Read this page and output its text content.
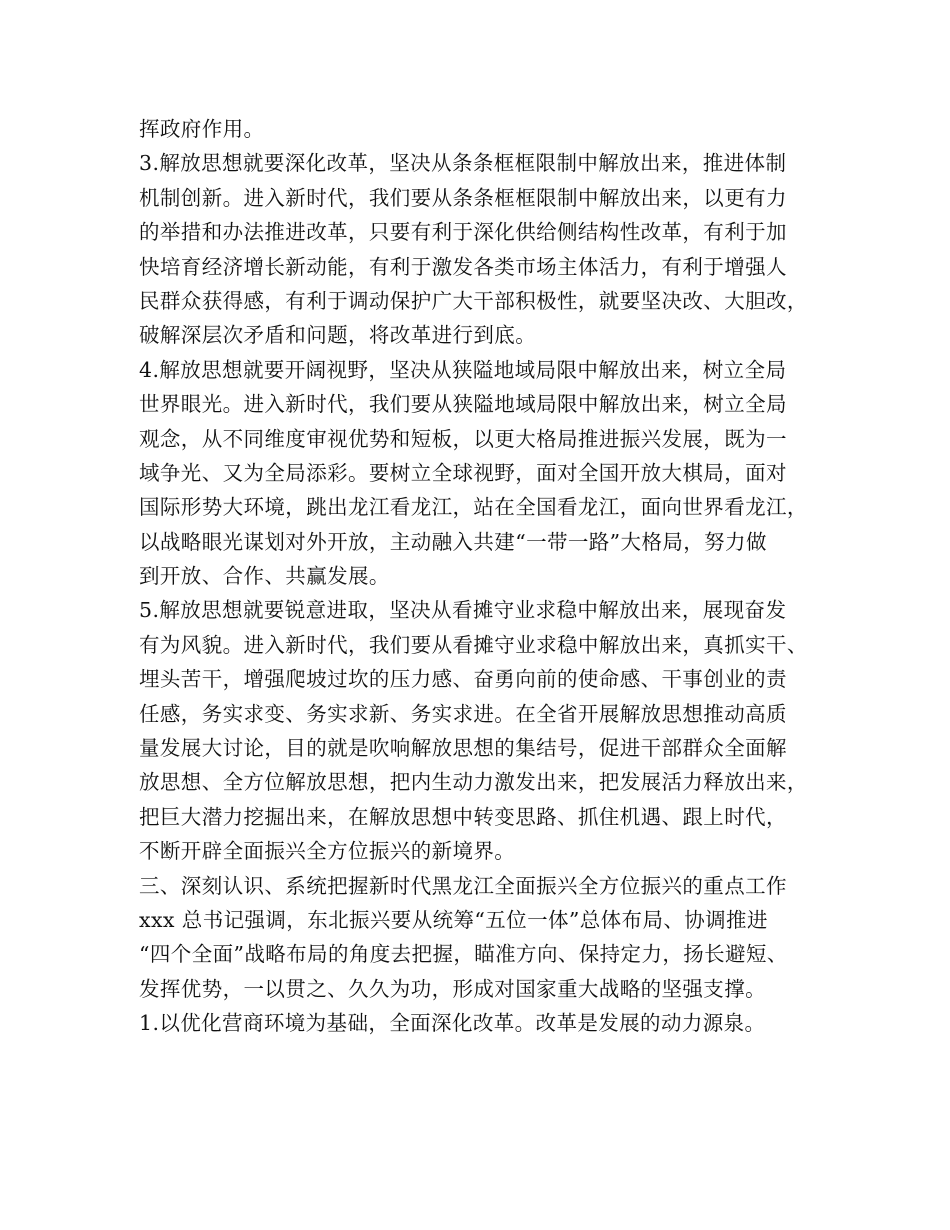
挥政府作用。
3.解放思想就要深化改革，坚决从条条框框限制中解放出来，推进体制
机制创新。进入新时代，我们要从条条框框限制中解放出来，以更有力
的举措和办法推进改革，只要有利于深化供给侧结构性改革，有利于加
快培育经济增长新动能，有利于激发各类市场主体活力，有利于增强人
民群众获得感，有利于调动保护广大干部积极性，就要坚决改、大胆改，
破解深层次矛盾和问题，将改革进行到底。
4.解放思想就要开阔视野，坚决从狭隘地域局限中解放出来，树立全局
世界眼光。进入新时代，我们要从狭隘地域局限中解放出来，树立全局
观念，从不同维度审视优势和短板，以更大格局推进振兴发展，既为一
域争光、又为全局添彩。要树立全球视野，面对全国开放大棋局，面对
国际形势大环境，跳出龙江看龙江，站在全国看龙江，面向世界看龙江，
以战略眼光谋划对外开放，主动融入共建“一带一路”大格局，努力做
到开放、合作、共赢发展。
5.解放思想就要锐意进取，坚决从看摊守业求稳中解放出来，展现奋发
有为风貌。进入新时代，我们要从看摊守业求稳中解放出来，真抓实干、
埋头苦干，增强爬坡过坎的压力感、奋勇向前的使命感、干事创业的责
任感，务实求变、务实求新、务实求进。在全省开展解放思想推动高质
量发展大讨论，目的就是吹响解放思想的集结号，促进干部群众全面解
放思想、全方位解放思想，把内生动力激发出来，把发展活力释放出来，
把巨大潜力挖掘出来，在解放思想中转变思路、抓住机遇、跟上时代，
不断开辟全面振兴全方位振兴的新境界。
三、深刻认识、系统把握新时代黑龙江全面振兴全方位振兴的重点工作
xxx 总书记强调，东北振兴要从统筹“五位一体”总体布局、协调推进
“四个全面”战略布局的角度去把握，瞄准方向、保持定力，扬长避短、
发挥优势，一以贯之、久久为功，形成对国家重大战略的坚强支撑。
1.以优化营商环境为基础，全面深化改革。改革是发展的动力源泉。
